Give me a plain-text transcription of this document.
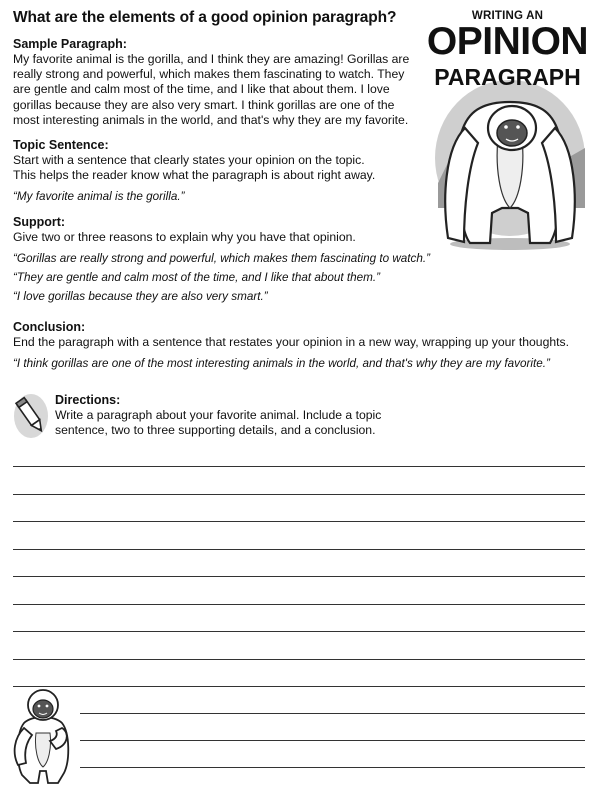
What are the elements of a good opinion paragraph?	WRITING AN
OPINION
PARAGRAPH
Sample Paragraph:
My favorite animal is the gorilla, and I think they are amazing! Gorillas are
really strong and powerful, which makes them fascinating to watch. They
are gentle and calm most of the time, and I like that about them. I love
gorillas because they are also very smart. I think gorillas are one of the
most interesting animals in the world, and that's why they are my favorite.
Topic Sentence:
Start with a sentence that clearly states your opinion on the topic.
This helps the reader know what the paragraph is about right away.
“My favorite animal is the gorilla.”
Support:
Give two or three reasons to explain why you have that opinion.
“Gorillas are really strong and powerful, which makes them fascinating to watch.”
“They are gentle and calm most of the time, and I like that about them.”
“I love gorillas because they are also very smart.”
Conclusion:
End the paragraph with a sentence that restates your opinion in a new way, wrapping up your thoughts.
“I think gorillas are one of the most interesting animals in the world, and that's why they are my favorite.”
Directions:
Write a paragraph about your favorite animal. Include a topic
sentence, two to three supporting details, and a conclusion.
